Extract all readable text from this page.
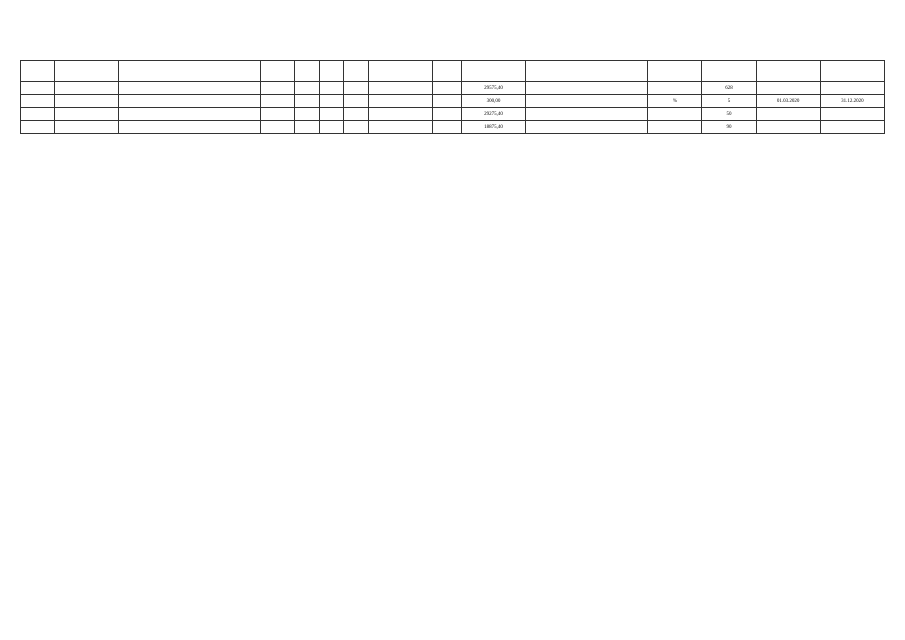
									29575,40			628		
									300,00		%	5	01.03.2020	31.12.2020
									29275,40			50		
									18875,40			90		
